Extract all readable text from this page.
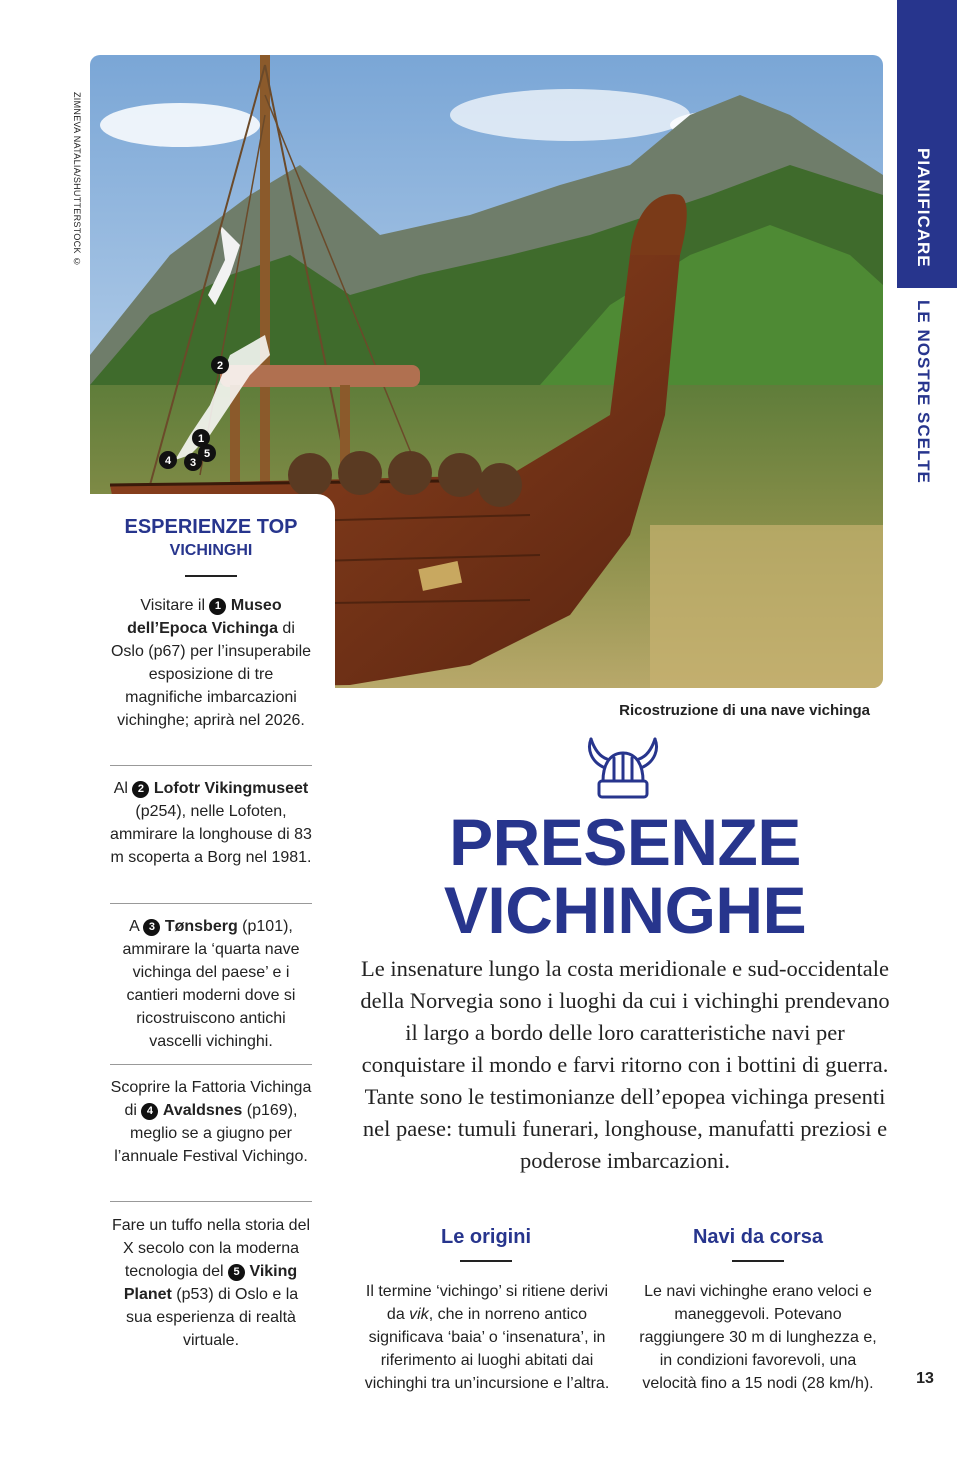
PIANIFICARE
LE NOSTRE SCELTE
ZIMNEVA NATALIA/SHUTTERSTOCK ©
2
1
5
3
4
Ricostruzione di una nave vichinga
ESPERIENZE TOP
VICHINGHI
Visitare il 1 Museo dell’Epoca Vichinga di Oslo (p67) per l’insuperabile esposizione di tre magnifiche imbarcazioni vichinghe; aprirà nel 2026.
Al 2 Lofotr Vikingmuseet (p254), nelle Lofoten, ammirare la longhouse di 83 m scoperta a Borg nel 1981.
A 3 Tønsberg (p101), ammirare la ‘quarta nave vichinga del paese’ e i cantieri moderni dove si ricostruiscono antichi vascelli vichinghi.
Scoprire la Fattoria Vichinga di 4 Avaldsnes (p169), meglio se a giugno per l’annuale Festival Vichingo.
Fare un tuffo nella storia del X secolo con la moderna tecnologia del 5 Viking Planet (p53) di Oslo e la sua esperienza di realtà virtuale.
PRESENZE
VICHINGHE
Le insenature lungo la costa meridionale e sud-occidentale della Norvegia sono i luoghi da cui i vichinghi prendevano il largo a bordo delle loro caratteristiche navi per conquistare il mondo e farvi ritorno con i bottini di guerra. Tante sono le testimonianze dell’epopea vichinga presenti nel paese: tumuli funerari, longhouse, manufatti preziosi e poderose imbarcazioni.
Le origini
Il termine ‘vichingo’ si ritiene derivi da vik, che in norreno antico significava ‘baia’ o ‘insenatura’, in riferimento ai luoghi abitati dai vichinghi tra un’incursione e l’altra.
Navi da corsa
Le navi vichinghe erano veloci e maneggevoli. Potevano raggiungere 30 m di lunghezza e, in condizioni favorevoli, una velocità fino a 15 nodi (28 km/h).	13
